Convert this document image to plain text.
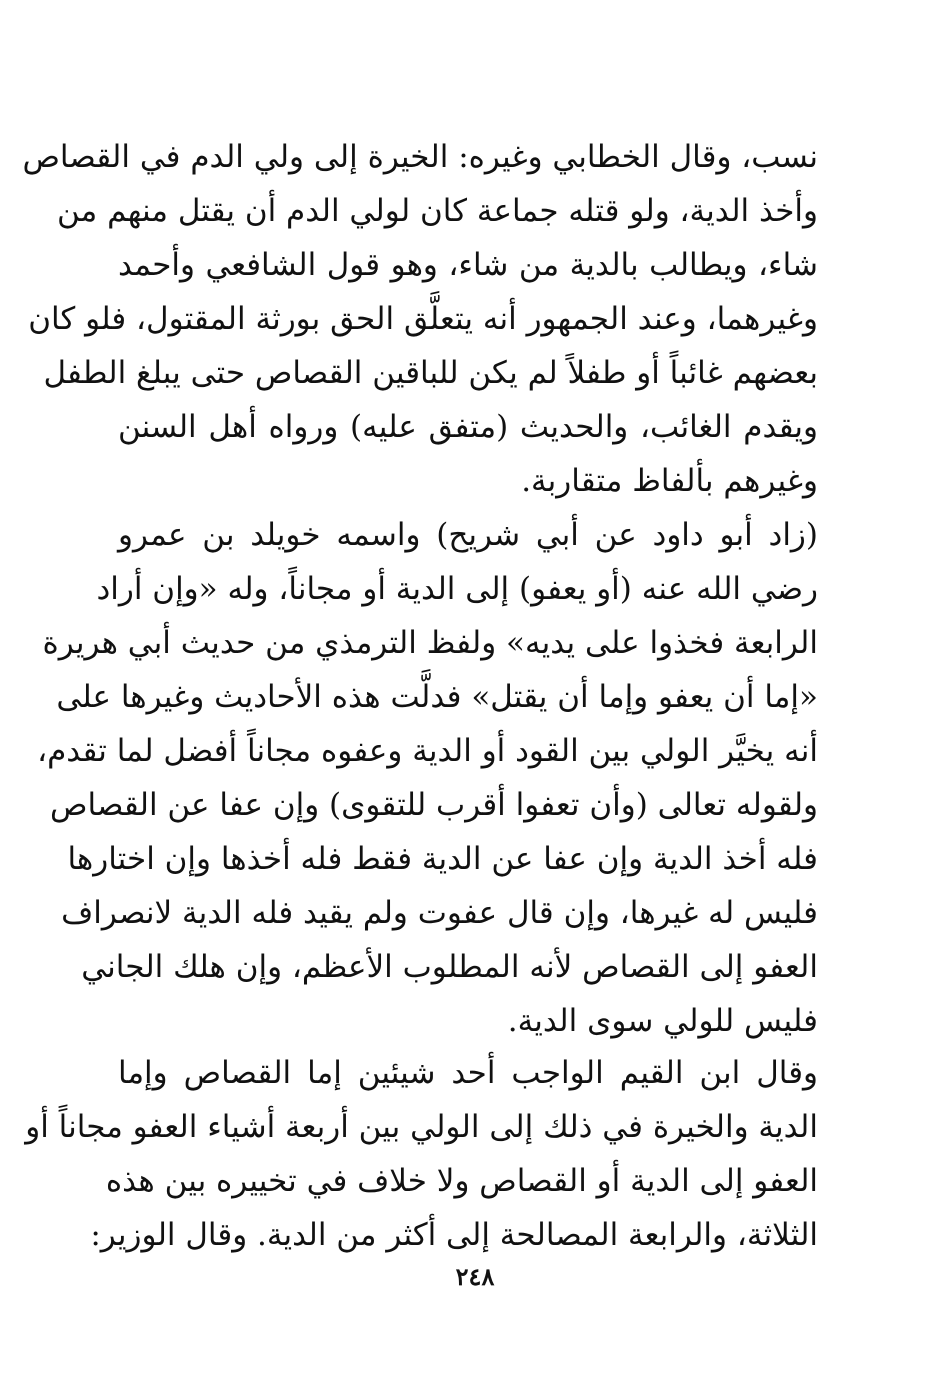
نسب، وقال الخطابي وغيره: الخيرة إلى ولي الدم في القصاص
وأخذ الدية، ولو قتله جماعة كان لولي الدم أن يقتل منهم من
شاء، ويطالب بالدية من شاء، وهو قول الشافعي وأحمد
وغيرهما، وعند الجمهور أنه يتعلَّق الحق بورثة المقتول، فلو كان
بعضهم غائباً أو طفلاً لم يكن للباقين القصاص حتى يبلغ الطفل
ويقدم الغائب، والحديث (متفق عليه) ورواه أهل السنن
وغيرهم بألفاظ متقاربة.
(زاد أبو داود عن أبي شريح) واسمه خويلد بن عمرو
رضي الله عنه (أو يعفو) إلى الدية أو مجاناً، وله «وإن أراد
الرابعة فخذوا على يديه» ولفظ الترمذي من حديث أبي هريرة
«إما أن يعفو وإما أن يقتل» فدلَّت هذه الأحاديث وغيرها على
أنه يخيَّر الولي بين القود أو الدية وعفوه مجاناً أفضل لما تقدم،
ولقوله تعالى (وأن تعفوا أقرب للتقوى) وإن عفا عن القصاص
فله أخذ الدية وإن عفا عن الدية فقط فله أخذها وإن اختارها
فليس له غيرها، وإن قال عفوت ولم يقيد فله الدية لانصراف
العفو إلى القصاص لأنه المطلوب الأعظم، وإن هلك الجاني
فليس للولي سوى الدية.
وقال ابن القيم الواجب أحد شيئين إما القصاص وإما
الدية والخيرة في ذلك إلى الولي بين أربعة أشياء العفو مجاناً أو
العفو إلى الدية أو القصاص ولا خلاف في تخييره بين هذه
الثلاثة، والرابعة المصالحة إلى أكثر من الدية. وقال الوزير:
٢٤٨
